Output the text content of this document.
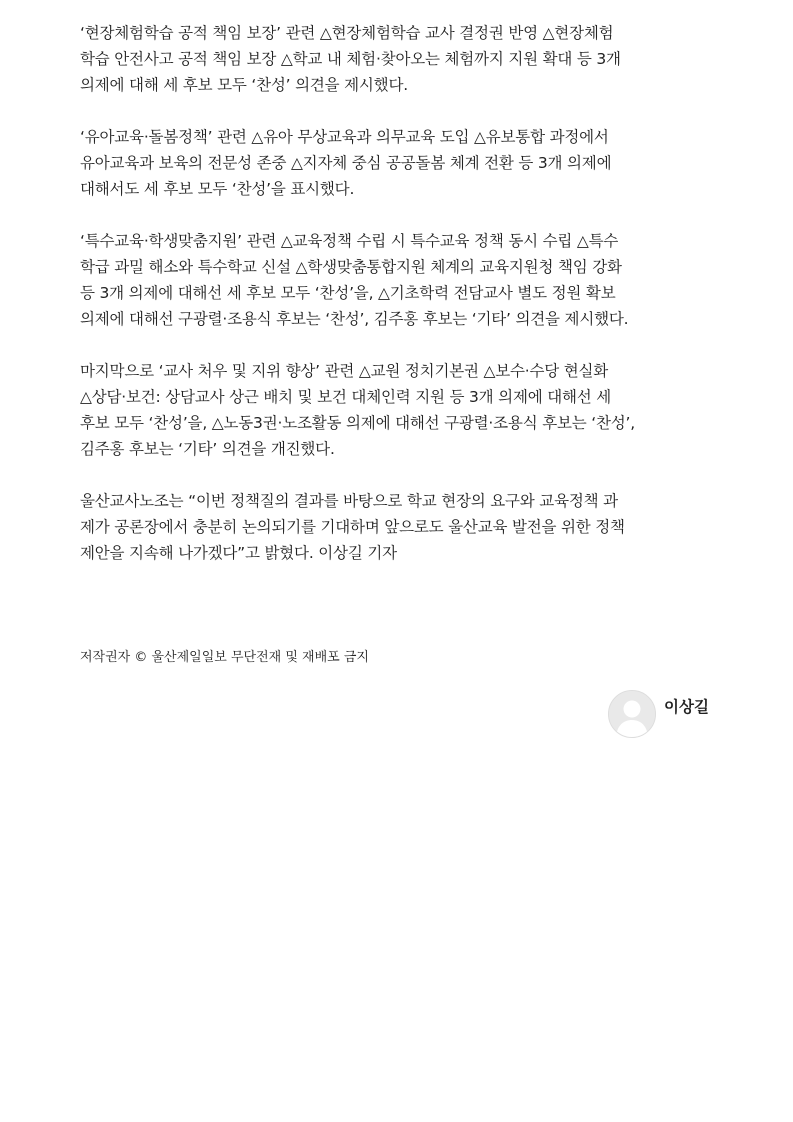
‘현장체험학습 공적 책임 보장’ 관련 △현장체험학습 교사 결정권 반영 △현장체험
학습 안전사고 공적 책임 보장 △학교 내 체험·찾아오는 체험까지 지원 확대 등 3개
의제에 대해 세 후보 모두 ‘찬성’ 의견을 제시했다.

‘유아교육·돌봄정책’ 관련 △유아 무상교육과 의무교육 도입 △유보통합 과정에서
유아교육과 보육의 전문성 존중 △지자체 중심 공공돌봄 체계 전환 등 3개 의제에
대해서도 세 후보 모두 ‘찬성’을 표시했다.

‘특수교육·학생맞춤지원’ 관련 △교육정책 수립 시 특수교육 정책 동시 수립 △특수
학급 과밀 해소와 특수학교 신설 △학생맞춤통합지원 체계의 교육지원청 책임 강화
등 3개 의제에 대해선 세 후보 모두 ‘찬성’을, △기초학력 전담교사 별도 정원 확보
의제에 대해선 구광렬·조용식 후보는 ‘찬성’, 김주홍 후보는 ‘기타’ 의견을 제시했다.

마지막으로 ‘교사 처우 및 지위 향상’ 관련 △교원 정치기본권 △보수·수당 현실화
△상담·보건: 상담교사 상근 배치 및 보건 대체인력 지원 등 3개 의제에 대해선 세
후보 모두 ‘찬성’을, △노동3권·노조활동 의제에 대해선 구광렬·조용식 후보는 ‘찬성’,
김주홍 후보는 ‘기타’ 의견을 개진했다.

울산교사노조는 “이번 정책질의 결과를 바탕으로 학교 현장의 요구와 교육정책 과
제가 공론장에서 충분히 논의되기를 기대하며 앞으로도 울산교육 발전을 위한 정책
제안을 지속해 나가겠다”고 밝혔다. 이상길 기자

저작권자 © 울산제일일보 무단전재 및 재배포 금지
이상길
